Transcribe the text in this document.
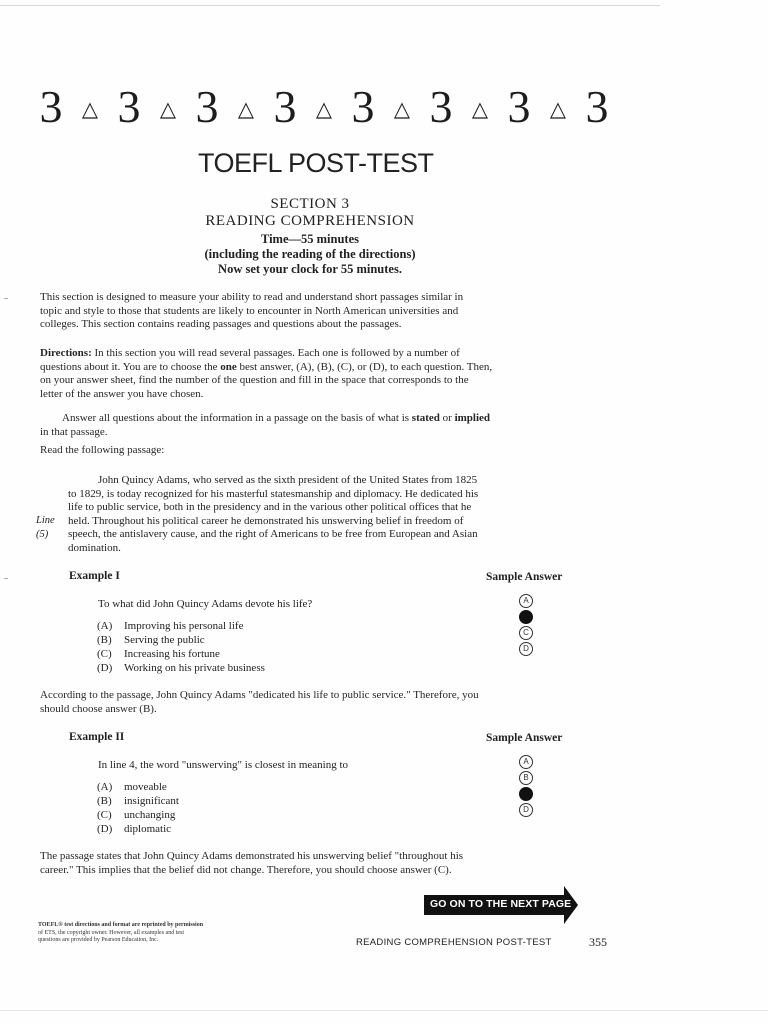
3 △ 3 △ 3 △ 3 △ 3 △ 3 △ 3 △ 3
TOEFL POST-TEST
SECTION 3
READING COMPREHENSION
Time—55 minutes
(including the reading of the directions)
Now set your clock for 55 minutes.
This section is designed to measure your ability to read and understand short passages similar in
topic and style to those that students are likely to encounter in North American universities and
colleges. This section contains reading passages and questions about the passages.
Directions: In this section you will read several passages. Each one is followed by a number of
questions about it. You are to choose the one best answer, (A), (B), (C), or (D), to each question. Then,
on your answer sheet, find the number of the question and fill in the space that corresponds to the
letter of the answer you have chosen.
Answer all questions about the information in a passage on the basis of what is stated or implied
in that passage.
Read the following passage:
John Quincy Adams, who served as the sixth president of the United States from 1825
to 1829, is today recognized for his masterful statesmanship and diplomacy. He dedicated his
life to public service, both in the presidency and in the various other political offices that he
held. Throughout his political career he demonstrated his unswerving belief in freedom of
speech, the antislavery cause, and the right of Americans to be free from European and Asian
domination.
Line
(5)
Example I	Sample Answer
To what did John Quincy Adams devote his life?
(A) Improving his personal life
(B) Serving the public
(C) Increasing his fortune
(D) Working on his private business
A
C
D
According to the passage, John Quincy Adams "dedicated his life to public service." Therefore, you
should choose answer (B).
Example II	Sample Answer
In line 4, the word "unswerving" is closest in meaning to
(A) moveable
(B) insignificant
(C) unchanging
(D) diplomatic
A
B
D
The passage states that John Quincy Adams demonstrated his unswerving belief "throughout his
career." This implies that the belief did not change. Therefore, you should choose answer (C).
GO ON TO THE NEXT PAGE
TOEFL® test directions and format are reprinted by permission
of ETS, the copyright owner. However, all examples and test
questions are provided by Pearson Education, Inc.	READING COMPREHENSION POST-TEST	355
